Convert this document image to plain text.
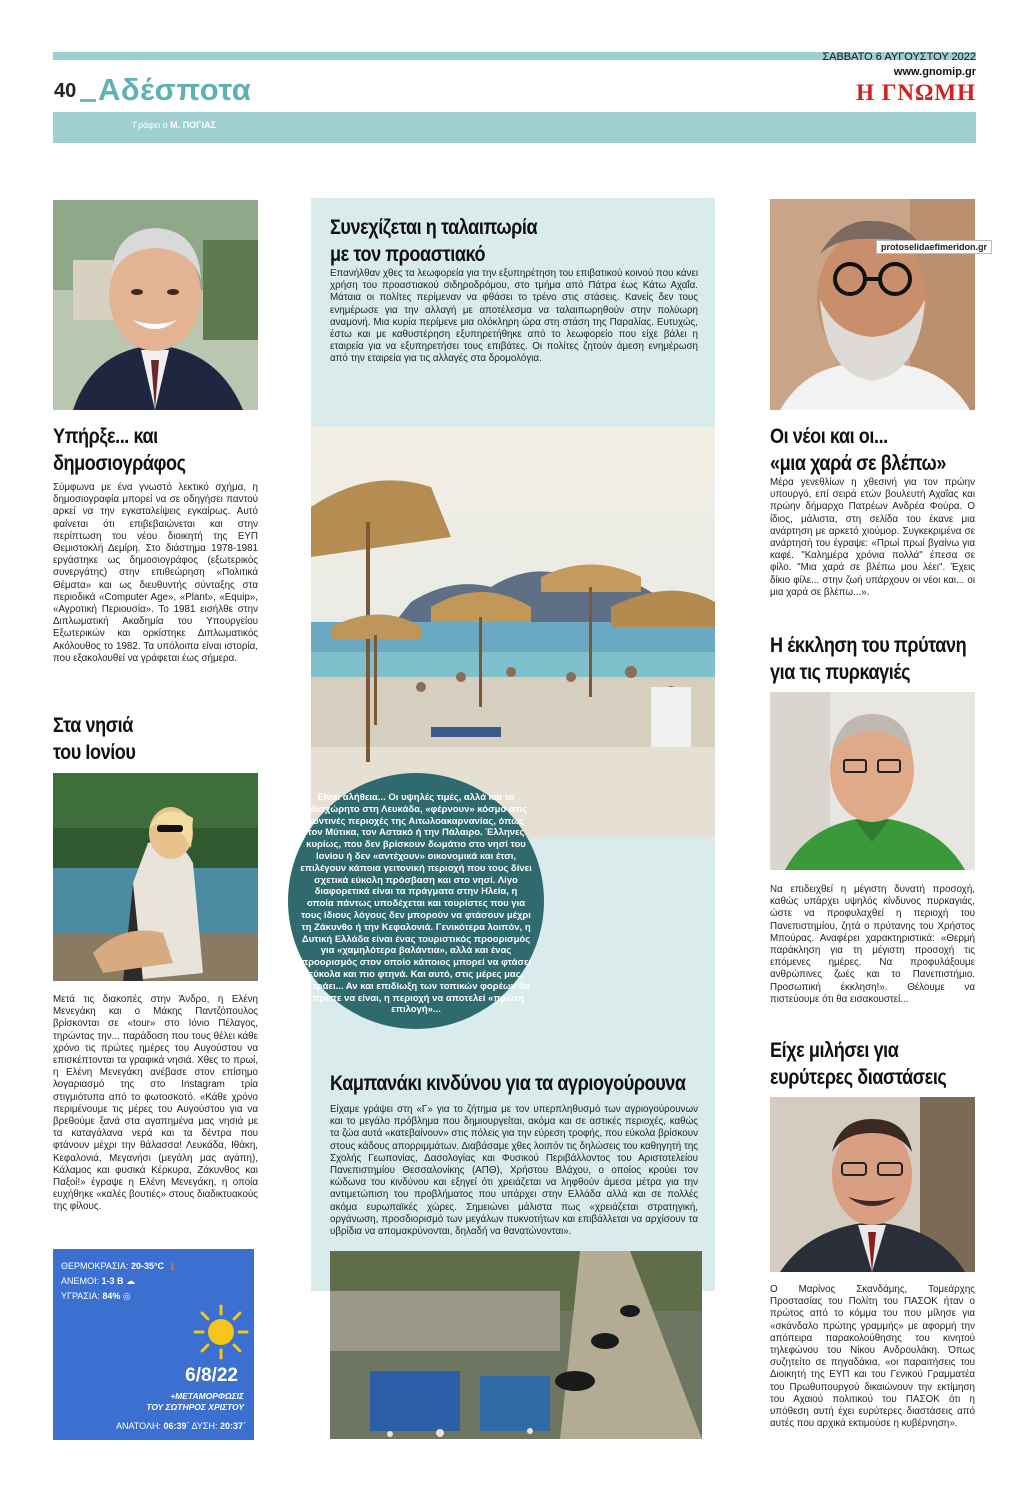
40 Αδέσποτα
ΣΑΒΒΑΤΟ 6 ΑΥΓΟΥΣΤΟΥ 2022
www.gnomip.gr
Η ΓΝΩΜΗ
Γράφει ο Μ. ΠΟΓΙΑΣ
Υπήρξε... και
δημοσιογράφος
Σύμφωνα με ένα γνωστό λεκτικό σχήμα, η δημοσιογραφία μπορεί να σε οδηγήσει παντού αρκεί να την εγκαταλείψεις εγκαίρως. Αυτό φαίνεται ότι επιβεβαιώνεται και στην περίπτωση του νέου διοικητή της ΕΥΠ Θεμιστοκλή Δεμίρη. Στο διάστημα 1978-1981 εργάστηκε ως δημοσιογράφος (εξωτερικός συνεργάτης) στην επιθεώρηση «Πολιτικά Θέματα» και ως διευθυντής σύνταξης στα περιοδικά «Computer Age», «Plant», «Equip», «Αγροτική Περιουσία». Το 1981 εισήλθε στην Διπλωματική Ακαδημία του Υπουργείου Εξωτερικών και ορκίστηκε Διπλωματικός Ακόλουθος το 1982. Τα υπόλοιπα είναι ιστορία, που εξακολουθεί να γράφεται έως σήμερα.
Στα νησιά
του Ιονίου
Μετά τις διακοπές στην Άνδρο, η Ελένη Μενεγάκη και ο Μάκης Παντζόπουλος βρίσκονται σε «tour» στο Ιόνιο Πέλαγος, τηρώντας την... παράδοση που τους θέλει κάθε χρόνο τις πρώτες ημέρες του Αυγούστου να επισκέπτονται τα γραφικά νησιά. Χθες το πρωί, η Ελένη Μενεγάκη ανέβασε στον επίσημο λογαριασμό της στο Instagram τρία στιγμιότυπα από το φωτοσκοτό. «Κάθε χρόνο περιμένουμε τις μέρες του Αυγούστου για να βρεθούμε ξανά στα αγαπημένα μας νησιά με τα καταγάλανα νερά και τα δέντρα που φτάνουν μέχρι την θάλασσα! Λευκάδα, Ιθάκη, Κεφαλονιά, Μεγανήσι (μεγάλη μας αγάπη), Κάλαμος και φυσικά Κέρκυρα, Ζάκυνθος και Παξοί!» έγραψε η Ελένη Μενεγάκη, η οποία ευχήθηκε «καλές βουτιές» στους διαδικτυακούς της φίλους.
ΘΕΡΜΟΚΡΑΣΙΑ: 20-35°C 🌡
ΑΝΕΜΟΙ: 1-3 B ☁
ΥΓΡΑΣΙΑ: 84% ◎
6/8/22
+ΜΕΤΑΜΟΡΦΩΣΙΣ
ΤΟΥ ΣΩΤΗΡΟΣ ΧΡΙΣΤΟΥ
ΑΝΑΤΟΛΗ: 06:39΄ ΔΥΣΗ: 20:37΄
Συνεχίζεται η ταλαιπωρία
με τον προαστιακό
Επανήλθαν χθες τα λεωφορεία για την εξυπηρέτηση του επιβατικού κοινού που κάνει χρήση του προαστιακού σιδηροδρόμου, στο τμήμα από Πάτρα έως Κάτω Αχαΐα. Μάταια οι πολίτες περίμεναν να φθάσει το τρένο στις στάσεις. Κανείς δεν τους ενημέρωσε για την αλλαγή με αποτέλεσμα να ταλαιπωρηθούν στην πολύωρη αναμονή. Μια κυρία περίμενε μια ολόκληρη ώρα στη στάση της Παραλίας. Ευτυχώς, έστω και με καθυστέρηση εξυπηρετήθηκε από το λεωφορείο που είχε βάλει η εταιρεία για να εξυπηρετήσει τους επιβάτες. Οι πολίτες ζητούν άμεση ενημέρωση από την εταιρεία για τις αλλαγές στα δρομολόγια.
Είναι αλήθεια... Οι υψηλές τιμές, αλλά και το αδιαχώρητο στη Λευκάδα, «φέρνουν» κόσμο στις κοντινές περιοχές της Αιτωλοακαρνανίας, όπως τον Μύτικα, τον Αστακό ή την Πάλαιρο. Έλληνες κυρίως, που δεν βρίσκουν δωμάτιο στο νησί του Ιονίου ή δεν «αντέχουν» οικονομικά και έτσι, επιλέγουν κάποια γειτονική περιοχή που τους δίνει σχετικά εύκολη πρόσβαση και στο νησί. Λίγο διαφορετικά είναι τα πράγματα στην Ηλεία, η οποία πάντως υποδέχεται και τουρίστες που για τους ίδιους λόγους δεν μπορούν να φτάσουν μέχρι τη Ζάκυνθο ή την Κεφαλονιά. Γενικότερα λοιπόν, η Δυτική Ελλάδα είναι ένας τουριστικός προορισμός για «χαμηλότερα βαλάντια», αλλά και ένας προορισμός στον οποίο κάποιος μπορεί να φτάσει εύκολα και πιο φτηνά. Και αυτό, στις μέρες μας, μετράει... Αν και επιδίωξη των τοπικών φορέων θα έπρεπε να είναι, η περιοχή να αποτελεί «πρώτη επιλογή»...
Καμπανάκι κινδύνου για τα αγριογούρουνα
Είχαμε γράψει στη «Γ» για το ζήτημα με τον υπερπληθυσμό των αγριογούρουνων και το μεγάλο πρόβλημα που δημιουργείται, ακόμα και σε αστικές περιοχές, καθώς τα ζώα αυτά «κατεβαίνουν» στις πόλεις για την εύρεση τροφής, που εύκολα βρίσκουν στους κάδους απορριμμάτων. Διαβάσαμε χθες λοιπόν τις δηλώσεις του καθηγητή της Σχολής Γεωπονίας, Δασολογίας και Φυσικού Περιβάλλοντος του Αριστοτελείου Πανεπιστημίου Θεσσαλονίκης (ΑΠΘ), Χρήστου Βλάχου, ο οποίος κρούει τον κώδωνα του κινδύνου και εξηγεί ότι χρειάζεται να ληφθούν άμεσα μέτρα για την αντιμετώπιση του προβλήματος που υπάρχει στην Ελλάδα αλλά και σε πολλές ακόμα ευρωπαϊκές χώρες. Σημειώνει μάλιστα πως «χρειάζεται στρατηγική, οργάνωση, προσδιορισμό των μεγάλων πυκνοτήτων και επιβάλλεται να αρχίσουν τα υβρίδια να απομακρύνονται, δηλαδή να θανατώνονται».
protoselidaefimeridon.gr
Οι νέοι και οι...
«μια χαρά σε βλέπω»
Μέρα γενεθλίων η χθεσινή για τον πρώην υπουργό, επί σειρά ετών βουλευτή Αχαΐας και πρώην δήμαρχο Πατρέων Ανδρέα Φούρα. Ο ίδιος, μάλιστα, στη σελίδα του έκανε μια ανάρτηση με αρκετό χιούμορ. Συγκεκριμένα σε ανάρτησή του έγραψε: «Πρωί πρωί βγαίνω για καφέ. "Καλημέρα χρόνια πολλά" έπεσα σε φίλο. "Μια χαρά σε βλέπω μου λέει". Έχεις δίκιο φίλε... στην ζωή υπάρχουν οι νέοι και... οι μια χαρά σε βλέπω...».
Η έκκληση του πρύτανη
για τις πυρκαγιές
Να επιδειχθεί η μέγιστη δυνατή προσοχή, καθώς υπάρχει υψηλός κίνδυνος πυρκαγιάς, ώστε να προφυλαχθεί η περιοχή του Πανεπιστημίου, ζητά ο πρύτανης του Χρήστος Μπούρας. Αναφέρει χαρακτηριστικά: «Θερμή παράκληση για τη μέγιστη προσοχή τις επόμενες ημέρες. Να προφυλάξουμε ανθρώπινες ζωές και το Πανεπιστήμιο. Προσωπική έκκληση!». Θέλουμε να πιστεύουμε ότι θα εισακουστεί...
Είχε μιλήσει για
ευρύτερες διαστάσεις
Ο Μαρίνος Σκανδάμης, Τομεάρχης Προστασίας του Πολίτη του ΠΑΣΟΚ ήταν ο πρώτος από το κόμμα του που μίλησε για «σκάνδαλο πρώτης γραμμής» με αφορμή την απόπειρα παρακολούθησης του κινητού τηλεφώνου του Νίκου Ανδρουλάκη. Όπως συζητείτο σε πηγαδάκια, «οι παραιτήσεις του Διοικητή της ΕΥΠ και του Γενικού Γραμματέα του Πρωθυπουργού δικαιώνουν την εκτίμηση του Αχαιού πολιτικού του ΠΑΣΟΚ ότι η υπόθεση αυτή έχει ευρύτερες διαστάσεις από αυτές που αρχικά εκτιμούσε η κυβέρνηση».
